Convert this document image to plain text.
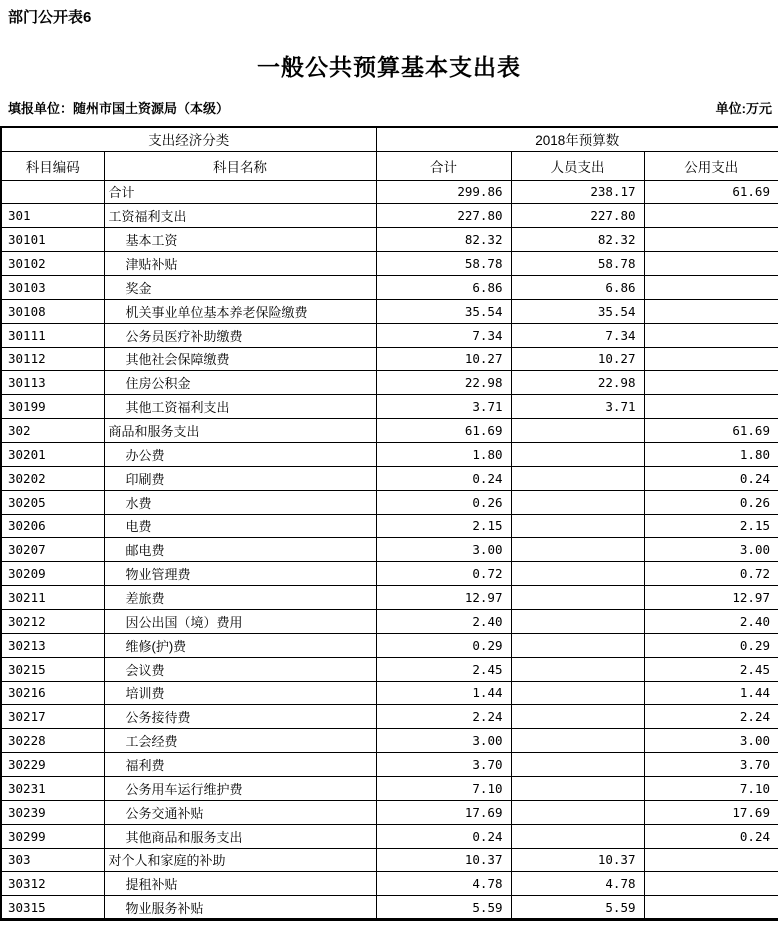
部门公开表6
一般公共预算基本支出表
填报单位：随州市国土资源局（本级）	单位:万元
支出经济分类		2018年预算数		
科目编码	科目名称	合计	人员支出	公用支出
	合计	299.86	238.17	61.69
301	工资福利支出	227.80	227.80	
30101	基本工资	82.32	82.32	
30102	津贴补贴	58.78	58.78	
30103	奖金	6.86	6.86	
30108	机关事业单位基本养老保险缴费	35.54	35.54	
30111	公务员医疗补助缴费	7.34	7.34	
30112	其他社会保障缴费	10.27	10.27	
30113	住房公积金	22.98	22.98	
30199	其他工资福利支出	3.71	3.71	
302	商品和服务支出	61.69		61.69
30201	办公费	1.80		1.80
30202	印刷费	0.24		0.24
30205	水费	0.26		0.26
30206	电费	2.15		2.15
30207	邮电费	3.00		3.00
30209	物业管理费	0.72		0.72
30211	差旅费	12.97		12.97
30212	因公出国（境）费用	2.40		2.40
30213	维修(护)费	0.29		0.29
30215	会议费	2.45		2.45
30216	培训费	1.44		1.44
30217	公务接待费	2.24		2.24
30228	工会经费	3.00		3.00
30229	福利费	3.70		3.70
30231	公务用车运行维护费	7.10		7.10
30239	公务交通补贴	17.69		17.69
30299	其他商品和服务支出	0.24		0.24
303	对个人和家庭的补助	10.37	10.37	
30312	提租补贴	4.78	4.78	
30315	物业服务补贴	5.59	5.59	
